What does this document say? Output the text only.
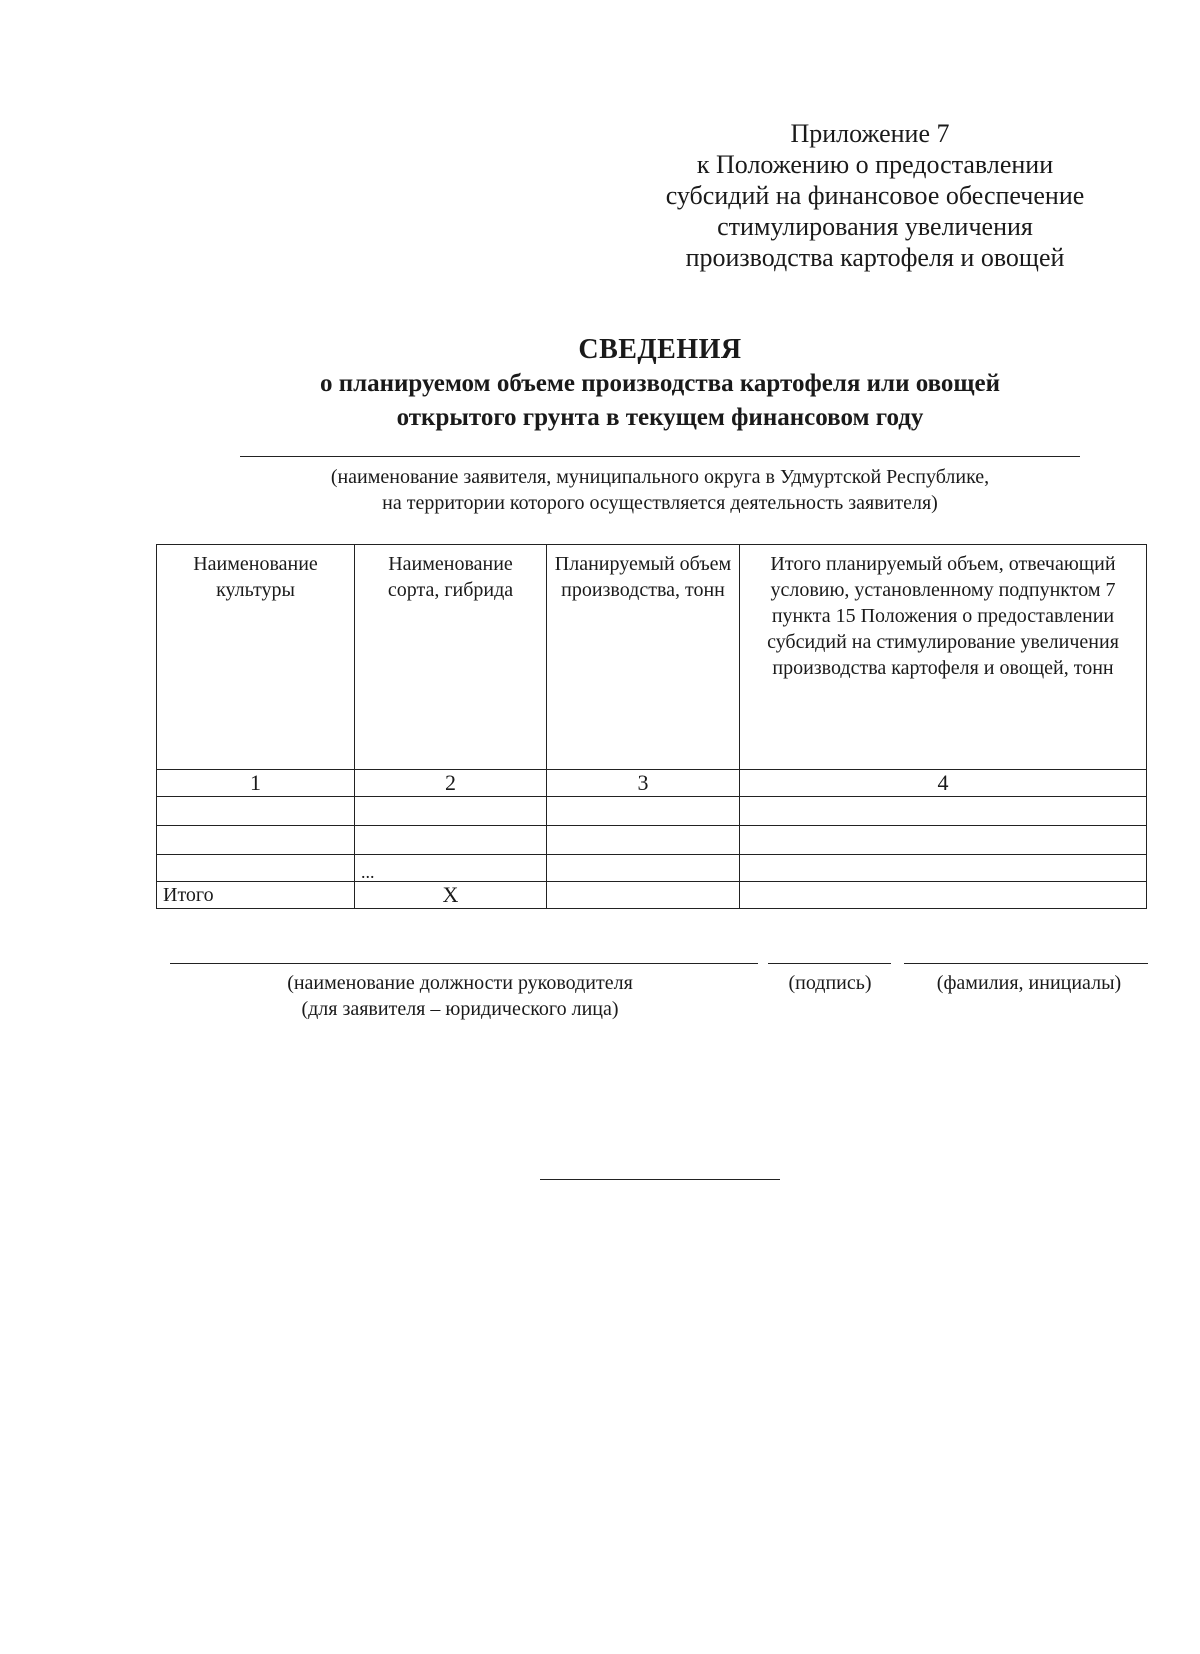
Приложение 7
к Положению о предоставлении
субсидий на финансовое обеспечение
стимулирования увеличения
производства картофеля и овощей
СВЕДЕНИЯ
о планируемом объеме производства картофеля или овощей
открытого грунта в текущем финансовом году
(наименование заявителя, муниципального округа в Удмуртской Республике,
на территории которого осуществляется деятельность заявителя)
Наименование культуры	Наименование сорта, гибрида	Планируемый объем производства, тонн	Итого планируемый объем, отвечающий условию, установленному подпунктом 7 пункта 15 Положения о предоставлении субсидий на стимулирование увеличения производства картофеля и овощей, тонн
1	2	3	4

	...		
Итого	Х		
(наименование должности руководителя
(для заявителя – юридического лица)
(подпись)	(фамилия, инициалы)
